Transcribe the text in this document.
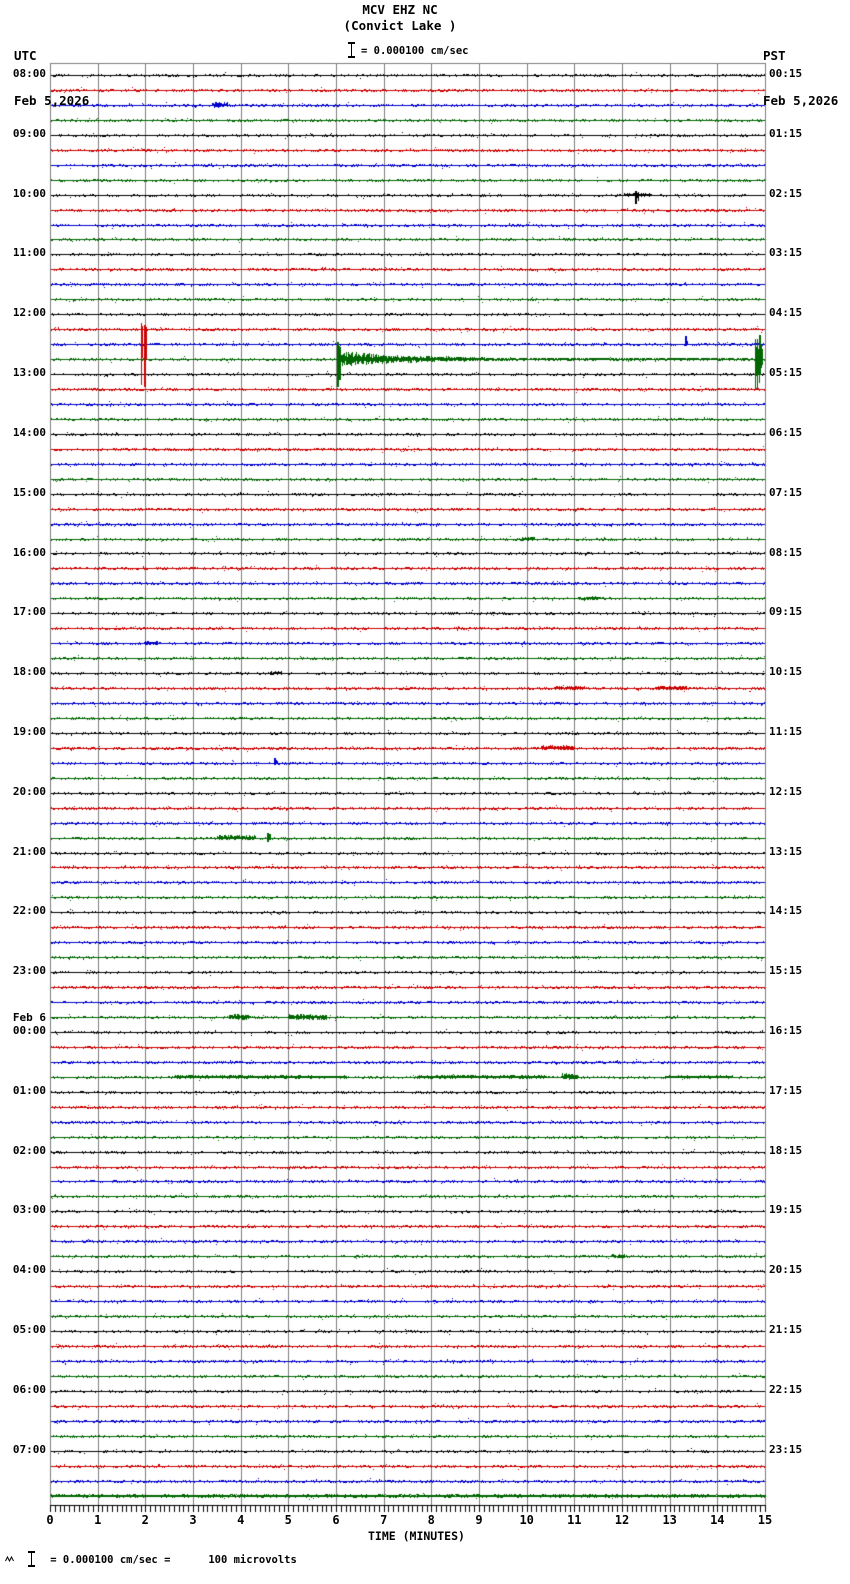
UTC

Feb 5,2026

PST

Feb 5,2026

MCV EHZ NC
(Convict Lake )
= 0.000100 cm/sec
08:00
09:00
10:00
11:00
12:00
13:00
14:00
15:00
16:00
17:00
18:00
19:00
20:00
21:00
22:00
23:00
Feb 6
00:00
01:00
02:00
03:00
04:00
05:00
06:00
07:00
00:15
01:15
02:15
03:15
04:15
05:15
06:15
07:15
08:15
09:15
10:15
11:15
12:15
13:15
14:15
15:15
16:15
17:15
18:15
19:15
20:15
21:15
22:15
23:15
0	1	2	3	4	5	6	7	8	9	10	11	12	13	14	15
TIME (MINUTES)

= 0.000100 cm/sec =      100 microvolts
